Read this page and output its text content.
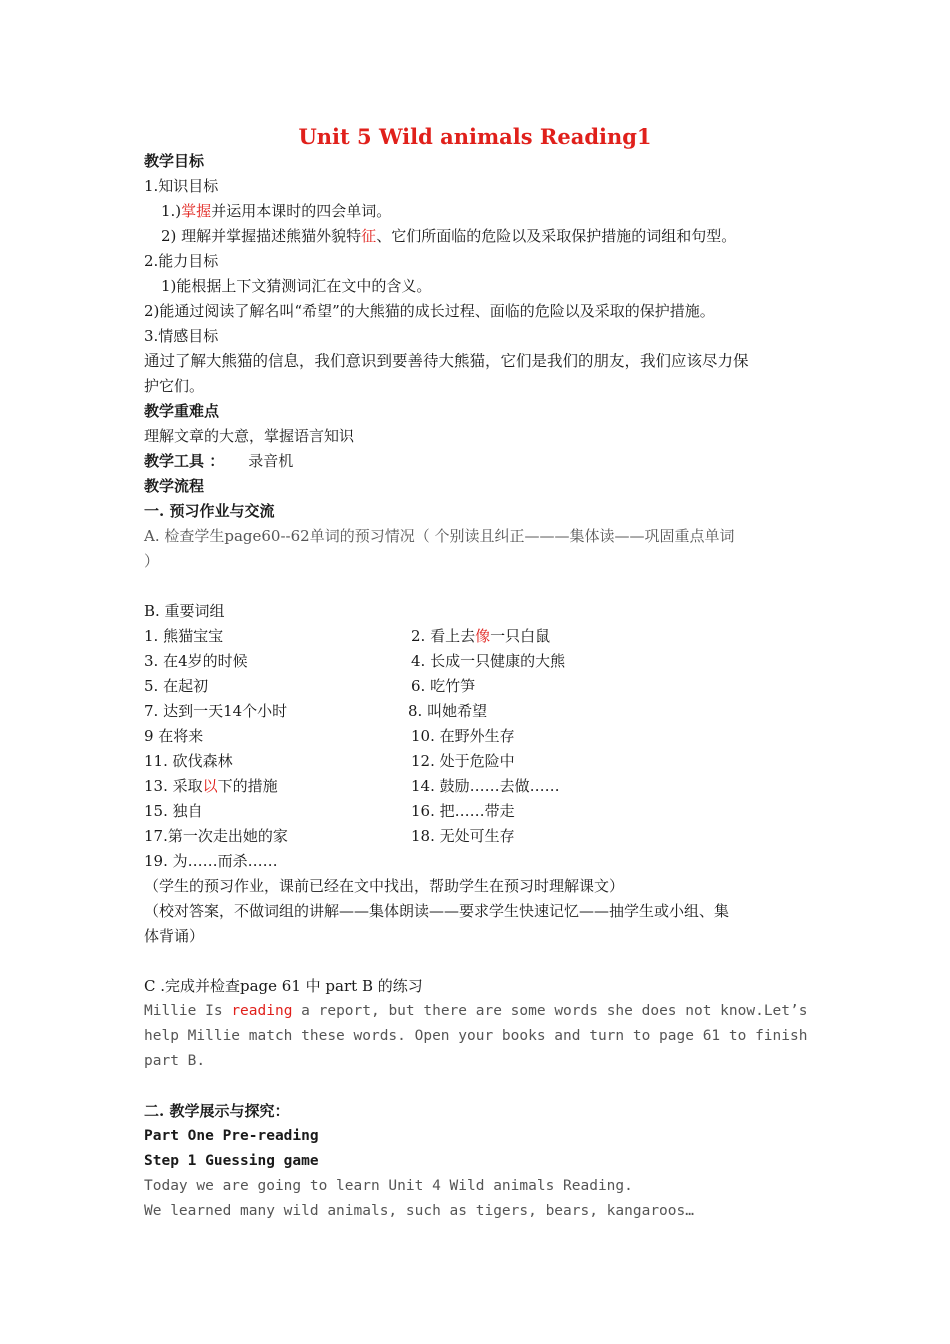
Unit 5 Wild animals Reading1
教学目标
1.知识目标
1.)掌握并运用本课时的四会单词。
2) 理解并掌握描述熊猫外貌特征、它们所面临的危险以及采取保护措施的词组和句型。
2.能力目标
1)能根据上下文猜测词汇在文中的含义。
2)能通过阅读了解名叫“希望”的大熊猫的成长过程、面临的危险以及采取的保护措施。
3.情感目标
通过了解大熊猫的信息，我们意识到要善待大熊猫，它们是我们的朋友，我们应该尽力保
护它们。
教学重难点
理解文章的大意，掌握语言知识
教学工具 ： 录音机
教学流程
一. 预习作业与交流
A. 检查学生page60--62单词的预习情况（ 个别读且纠正———集体读——巩固重点单词
）
B. 重要词组
1. 熊猫宝宝	2. 看上去像一只白鼠
3. 在4岁的时候	4. 长成一只健康的大熊
5. 在起初	6. 吃竹笋
7. 达到一天14个小时	8. 叫她希望
9 在将来	10. 在野外生存
11. 砍伐森林	12. 处于危险中
13. 采取以下的措施	14. 鼓励……去做……
15. 独自	16. 把……带走
17.第一次走出她的家	18. 无处可生存
19. 为……而杀……
（学生的预习作业，课前已经在文中找出，帮助学生在预习时理解课文）
（校对答案，不做词组的讲解——集体朗读——要求学生快速记忆——抽学生或小组、集
体背诵）
C .完成并检查page 61 中 part B 的练习
Millie Is reading a report, but there are some words she does not know.Let’s
help Millie match these words. Open your books and turn to page 61 to finish
part B.
二. 教学展示与探究：
Part One Pre-reading
Step 1 Guessing game
Today we are going to learn Unit 4 Wild animals Reading.
We learned many wild animals, such as tigers, bears, kangaroos…
